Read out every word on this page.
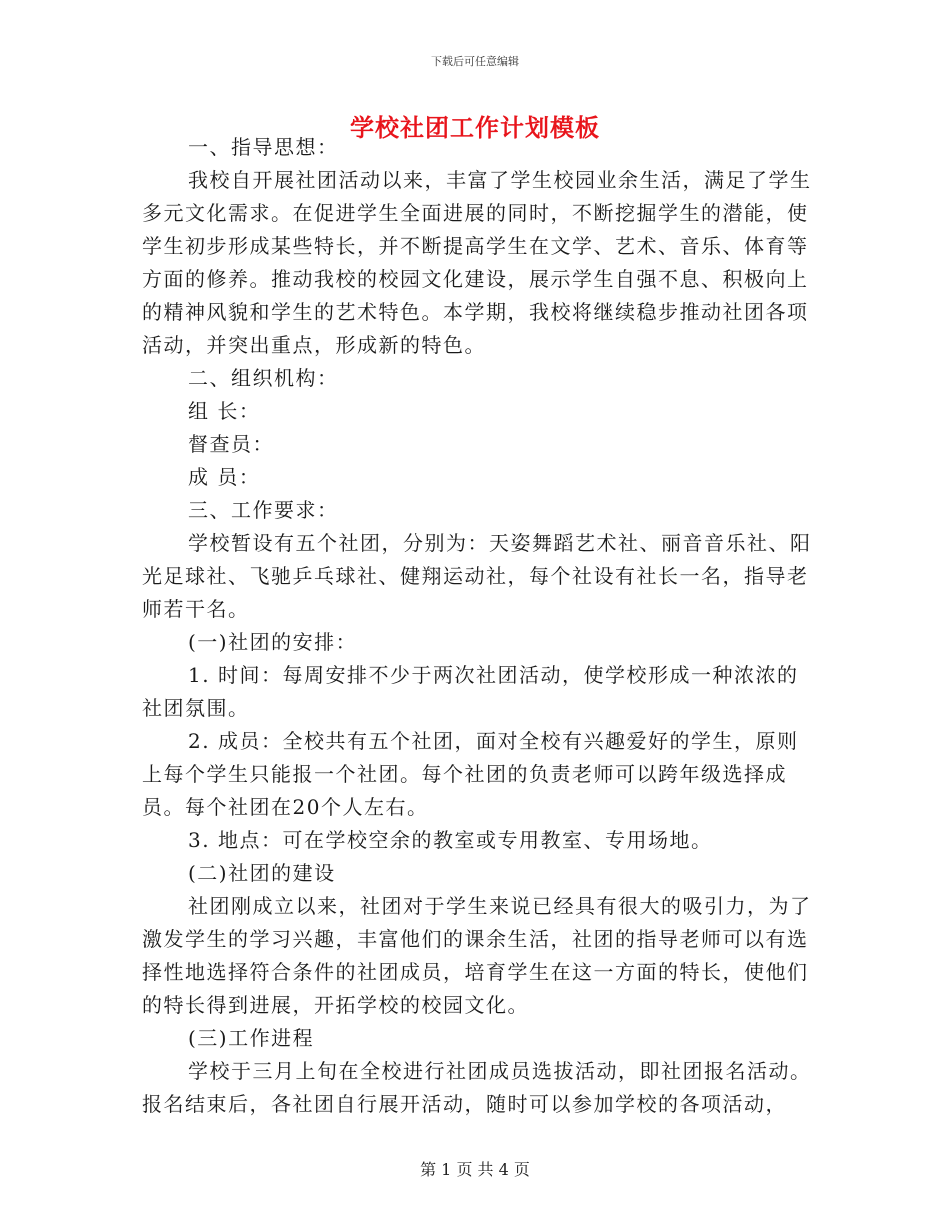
下载后可任意编辑
学校社团工作计划模板

一、指导思想：

我校自开展社团活动以来，丰富了学生校园业余生活，满足了学生多元文化需求。在促进学生全面进展的同时，不断挖掘学生的潜能，使学生初步形成某些特长，并不断提高学生在文学、艺术、音乐、体育等方面的修养。推动我校的校园文化建设，展示学生自强不息、积极向上的精神风貌和学生的艺术特色。本学期，我校将继续稳步推动社团各项活动，并突出重点，形成新的特色。

二、组织机构：

组 长：

督查员：

成 员：

三、工作要求：

学校暂设有五个社团，分别为：天姿舞蹈艺术社、丽音音乐社、阳光足球社、飞驰乒乓球社、健翔运动社，每个社设有社长一名，指导老师若干名。

(一)社团的安排：

1. 时间：每周安排不少于两次社团活动，使学校形成一种浓浓的社团氛围。

2. 成员：全校共有五个社团，面对全校有兴趣爱好的学生，原则上每个学生只能报一个社团。每个社团的负责老师可以跨年级选择成员。每个社团在20个人左右。

3. 地点：可在学校空余的教室或专用教室、专用场地。

(二)社团的建设

社团刚成立以来，社团对于学生来说已经具有很大的吸引力，为了激发学生的学习兴趣，丰富他们的课余生活，社团的指导老师可以有选择性地选择符合条件的社团成员，培育学生在这一方面的特长，使他们的特长得到进展，开拓学校的校园文化。

(三)工作进程

学校于三月上旬在全校进行社团成员选拔活动，即社团报名活动。报名结束后，各社团自行展开活动，随时可以参加学校的各项活动，

第 1 页 共 4 页
